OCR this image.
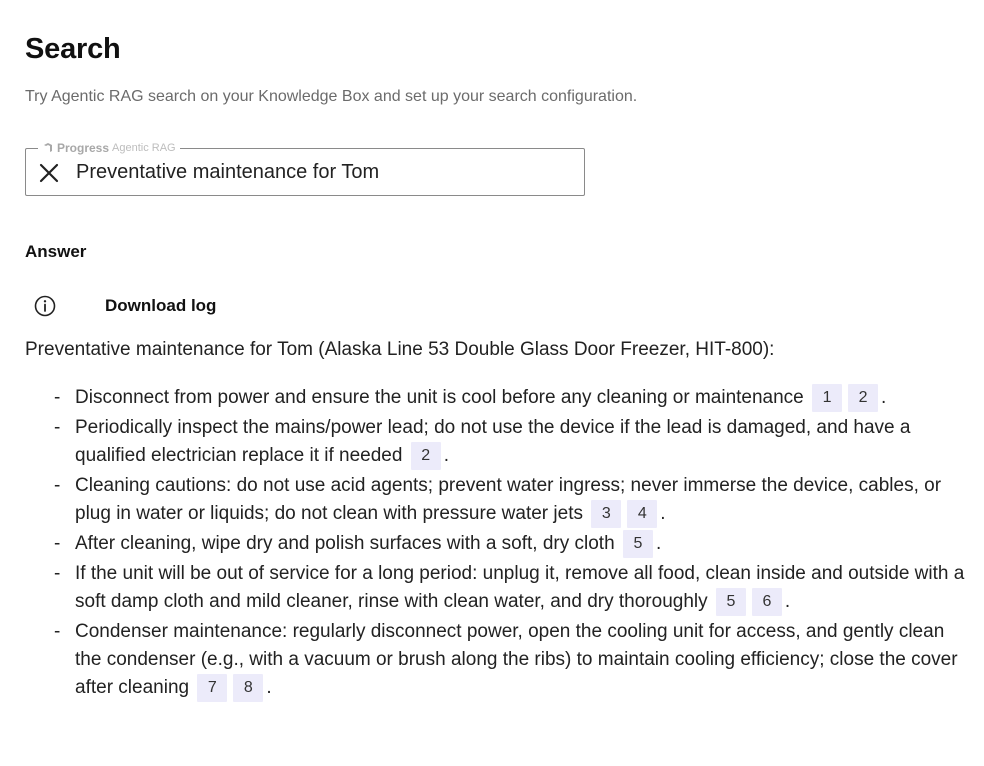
Search

Try Agentic RAG search on your Knowledge Box and set up your search configuration.

Progress Agentic RAG
Preventative maintenance for Tom
Answer
Download log

Preventative maintenance for Tom (Alaska Line 53 Double Glass Door Freezer, HIT-800):

- Disconnect from power and ensure the unit is cool before any cleaning or maintenance 1 2 .
- Periodically inspect the mains/power lead; do not use the device if the lead is damaged, and have a qualified electrician replace it if needed 2 .
- Cleaning cautions: do not use acid agents; prevent water ingress; never immerse the device, cables, or plug in water or liquids; do not clean with pressure water jets 3 4 .
- After cleaning, wipe dry and polish surfaces with a soft, dry cloth 5 .
- If the unit will be out of service for a long period: unplug it, remove all food, clean inside and outside with a soft damp cloth and mild cleaner, rinse with clean water, and dry thoroughly 5 6 .
- Condenser maintenance: regularly disconnect power, open the cooling unit for access, and gently clean the condenser (e.g., with a vacuum or brush along the ribs) to maintain cooling efficiency; close the cover after cleaning 7 8 .
